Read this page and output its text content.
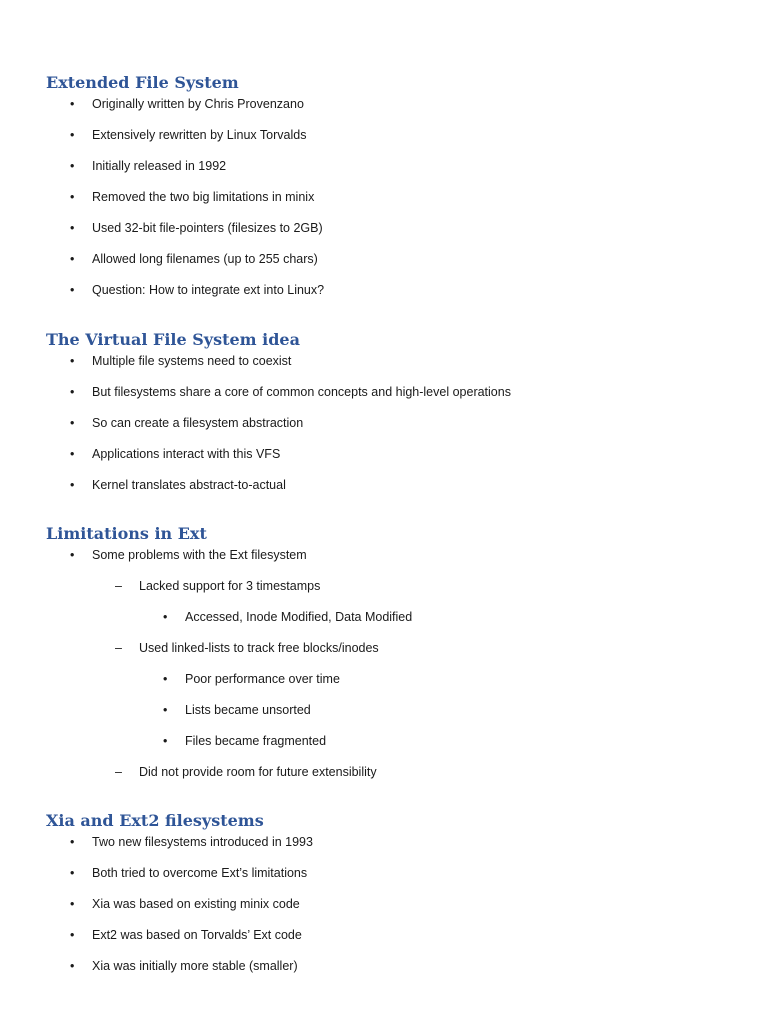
Extended File System
• Originally written by Chris Provenzano
• Extensively rewritten by Linux Torvalds
• Initially released in 1992
• Removed the two big limitations in minix
• Used 32-bit file-pointers (filesizes to 2GB)
• Allowed long filenames (up to 255 chars)
• Question: How to integrate ext into Linux?
The Virtual File System idea
• Multiple file systems need to coexist
• But filesystems share a core of common concepts and high-level operations
• So can create a filesystem abstraction
• Applications interact with this VFS
• Kernel translates abstract-to-actual
Limitations in Ext
• Some problems with the Ext filesystem
– Lacked support for 3 timestamps
• Accessed, Inode Modified, Data Modified
– Used linked-lists to track free blocks/inodes
• Poor performance over time
• Lists became unsorted
• Files became fragmented
– Did not provide room for future extensibility
Xia and Ext2 filesystems
• Two new filesystems introduced in 1993
• Both tried to overcome Ext’s limitations
• Xia was based on existing minix code
• Ext2 was based on Torvalds’ Ext code
• Xia was initially more stable (smaller)
